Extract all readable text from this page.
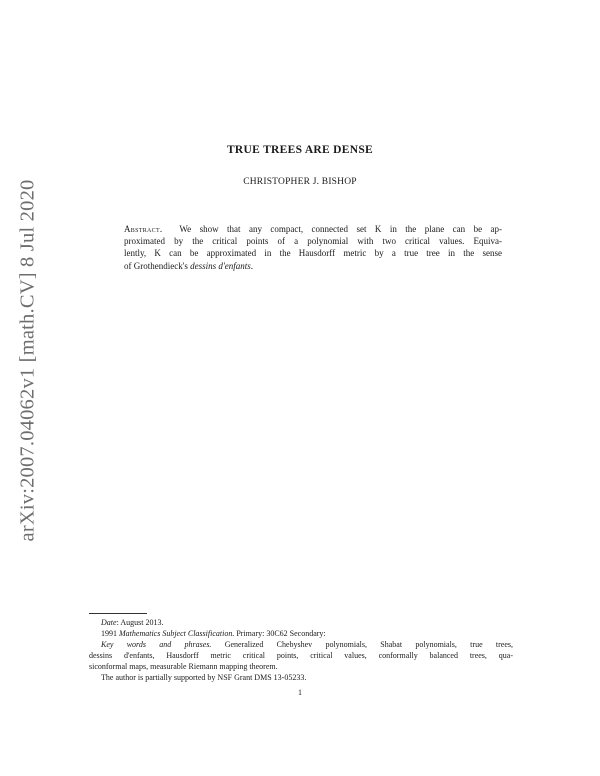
arXiv:2007.04062v1 [math.CV] 8 Jul 2020
TRUE TREES ARE DENSE
CHRISTOPHER J. BISHOP
Abstract. We show that any compact, connected set K in the plane can be ap-
proximated by the critical points of a polynomial with two critical values. Equiva-
lently, K can be approximated in the Hausdorff metric by a true tree in the sense
of Grothendieck's dessins d'enfants.
Date: August 2013.
1991 Mathematics Subject Classification. Primary: 30C62 Secondary:
Key words and phrases. Generalized Chebyshev polynomials, Shabat polynomials, true trees,
dessins d'enfants, Hausdorff metric critical points, critical values, conformally balanced trees, qua-
siconformal maps, measurable Riemann mapping theorem.
The author is partially supported by NSF Grant DMS 13-05233.
1
